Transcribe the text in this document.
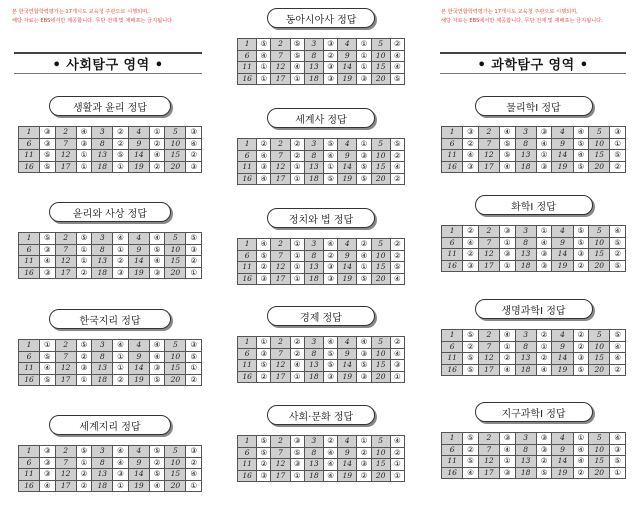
본 한국연합학력평가는 17개시도 교육청 주관으로 시행되며,
해당 자료는 EBS에서만 제공합니다. 무단 전재 및 재배포는 금지됩니다.
본 한국연합학력평가는 17개시도 교육청 주관으로 시행되며,
해당 자료는 EBS에서만 제공합니다. 무단 전재 및 재배포는 금지됩니다.
• 사회탐구 영역 •	• 과학탐구 영역 •
생활과 윤리 정답
1	③	2	④	3	②	4	①	5	③
6	③	7	③	8	②	9	②	10	④
11	⑤	12	①	13	⑤	14	④	15	②
16	⑤	17	①	18	①	19	②	20	③
윤리와 사상 정답
1	⑤	2	⑤	3	④	4	④	5	⑤
6	③	7	①	8	①	9	⑤	10	③
11	④	12	①	13	②	14	④	15	②
16	③	17	②	18	③	19	③	20	①
한국지리 정답
1	①	2	⑤	3	④	4	④	5	③
6	⑤	7	②	8	①	9	④	10	⑤
11	④	12	③	13	①	14	③	15	①
16	⑤	17	①	18	②	19	⑤	20	②
세계지리 정답
1	③	2	⑤	3	④	4	⑤	5	③
6	③	7	①	8	④	9	②	10	②
11	③	12	②	13	③	14	⑤	15	④
16	④	17	②	18	①	19	④	20	①
동아시아사 정답
1	⑤	2	⑤	3	③	4	①	5	②
6	④	7	⑤	8	②	9	①	10	④
11	①	12	④	13	③	14	①	15	④
16	①	17	①	18	③	19	③	20	⑤
세계사 정답
1	②	2	②	3	⑤	4	①	5	⑤
6	④	7	②	8	④	9	③	10	②
11	③	12	①	13	①	14	⑤	15	④
16	④	17	①	18	⑤	19	⑤	20	②
정치와 법 정답
1	④	2	①	3	④	4	②	5	②
6	⑤	7	①	8	②	9	④	10	②
11	②	12	①	13	③	14	①	15	⑤
16	③	17	①	18	③	19	⑤	20	④
경제 정답
1	①	2	②	3	④	4	④	5	②
6	③	7	②	8	⑤	9	③	10	④
11	⑤	12	④	13	⑤	14	⑤	15	③
16	②	17	①	18	③	19	③	20	①
사회·문화 정답
1	⑤	2	③	3	②	4	①	5	④
6	⑤	7	⑤	8	④	9	②	10	②
11	②	12	③	13	④	14	③	15	①
16	③	17	①	18	④	19	②	20	①
물리학Ⅰ 정답
1	③	2	④	3	③	4	④	5	③
6	②	7	⑤	8	④	9	⑤	10	①
11	④	12	⑤	13	①	14	④	15	⑤
16	③	17	④	18	③	19	⑤	20	②
화학Ⅰ 정답
1	②	2	③	3	①	4	⑤	5	④
6	④	7	①	8	④	9	⑤	10	⑤
11	②	12	③	13	③	14	③	15	②
16	③	17	①	18	③	19	②	20	⑤
생명과학Ⅰ 정답
1	⑤	2	④	3	②	4	②	5	⑤
6	②	7	①	8	①	9	②	10	④
11	⑤	12	②	13	②	14	③	15	④
16	⑤	17	④	18	④	19	⑤	20	②
지구과학Ⅰ 정답
1	⑤	2	③	3	③	4	①	5	④
6	②	7	④	8	③	9	④	10	③
11	⑤	12	①	13	②	14	④	15	⑤
16	④	17	③	18	⑤	19	②	20	①
